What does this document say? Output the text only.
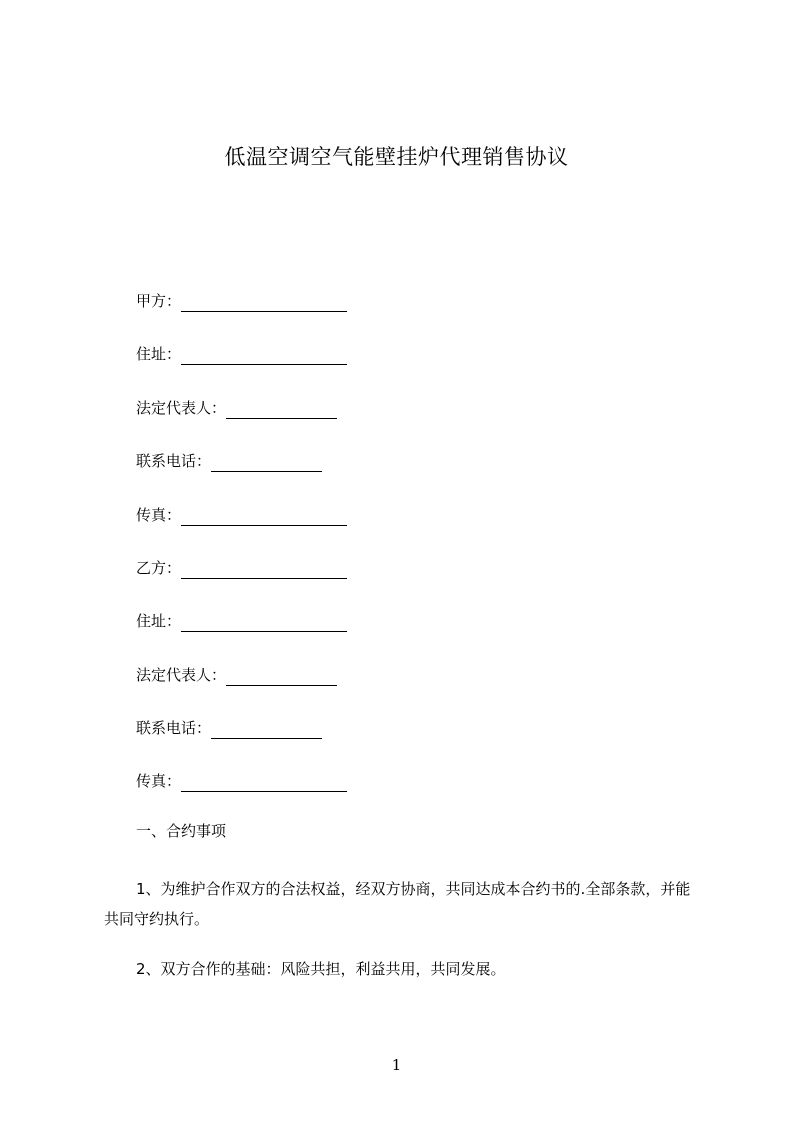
低温空调空气能壁挂炉代理销售协议
甲方：
住址：
法定代表人：
联系电话：
传真：
乙方：
住址：
法定代表人：
联系电话：
传真：
一、合约事项
1、为维护合作双方的合法权益，经双方协商，共同达成本合约书的.全部条款，并能共同守约执行。
2、双方合作的基础：风险共担，利益共用，共同发展。
1
